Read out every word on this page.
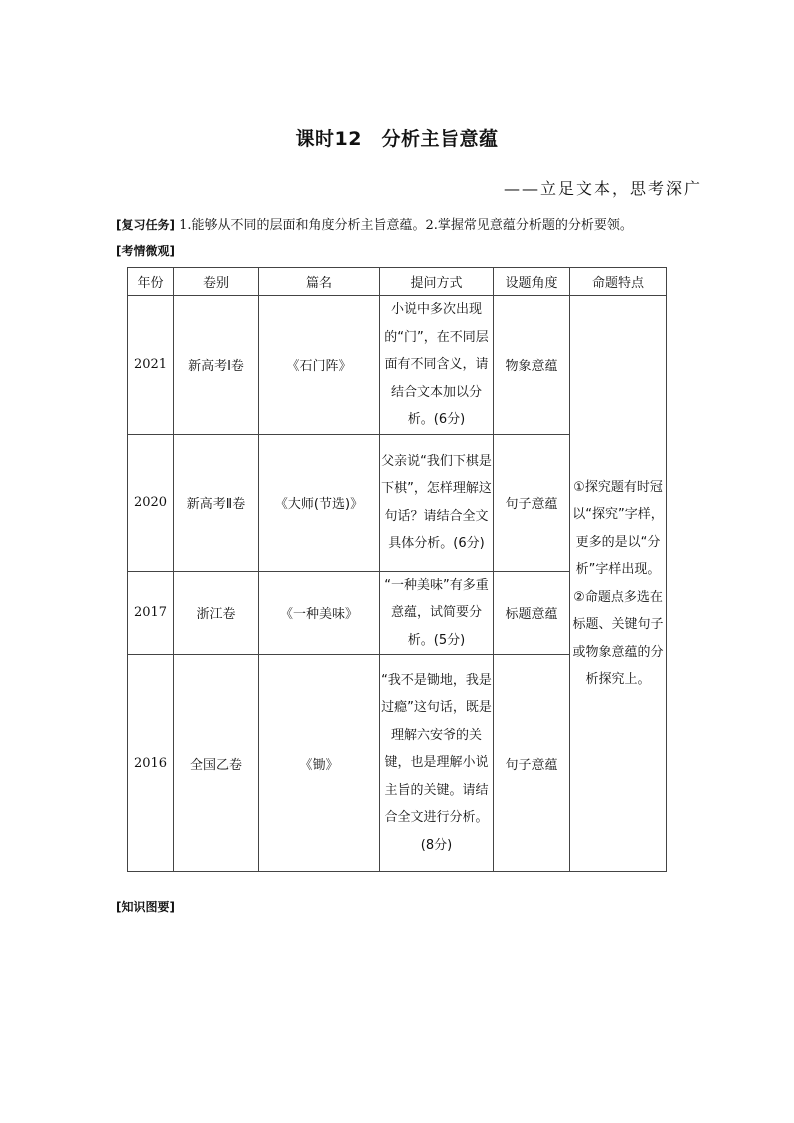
课时12　分析主旨意蕴
——立足文本，思考深广
[复习任务] 1.能够从不同的层面和角度分析主旨意蕴。2.掌握常见意蕴分析题的分析要领。
[考情微观]
年份	卷别	篇名	提问方式	设题角度	命题特点
2021	新高考Ⅰ卷	《石门阵》	小说中多次出现的“门”，在不同层面有不同含义，请结合文本加以分析。(6分)	物象意蕴	①探究题有时冠以“探究”字样，更多的是以“分析”字样出现。②命题点多选在标题、关键句子或物象意蕴的分析探究上。
2020	新高考Ⅱ卷	《大师(节选)》	父亲说“我们下棋是下棋”，怎样理解这句话？请结合全文具体分析。(6分)	句子意蕴	
2017	浙江卷	《一种美味》	“一种美味”有多重意蕴，试简要分析。(5分)	标题意蕴	
2016	全国乙卷	《锄》	“我不是锄地，我是过瘾”这句话，既是理解六安爷的关键，也是理解小说主旨的关键。请结合全文进行分析。(8分)	句子意蕴	
[知识图要]
